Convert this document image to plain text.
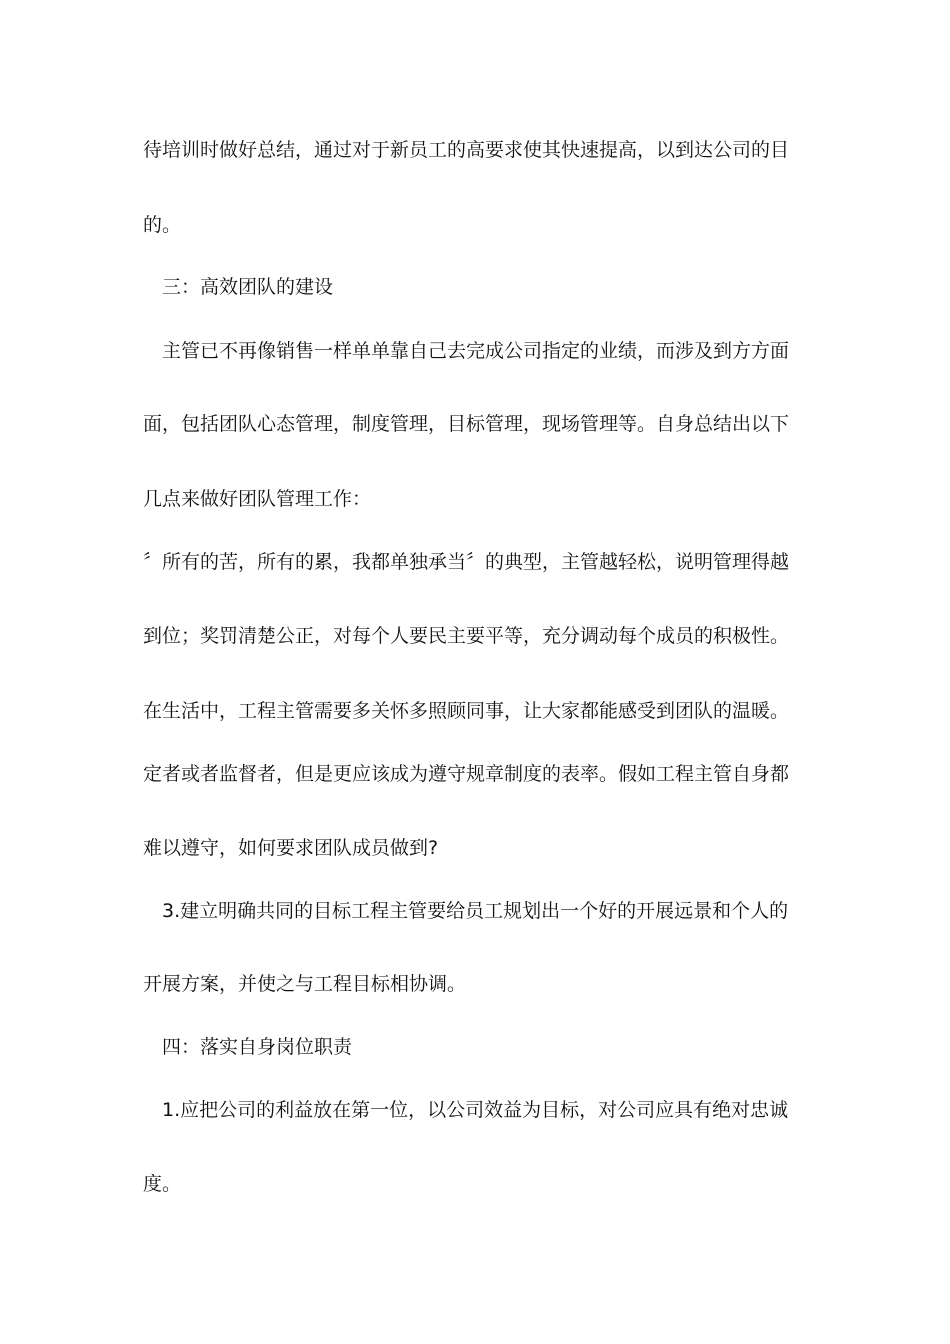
待培训时做好总结，通过对于新员工的高要求使其快速提高，以到达公司的目
的。
三：高效团队的建设
主管已不再像销售一样单单靠自己去完成公司指定的业绩，而涉及到方方面
面，包括团队心态管理，制度管理，目标管理，现场管理等。自身总结出以下
几点来做好团队管理工作：
〞所有的苦，所有的累，我都单独承当〞的典型，主管越轻松，说明管理得越
到位；奖罚清楚公正，对每个人要民主要平等，充分调动每个成员的积极性。
在生活中，工程主管需要多关怀多照顾同事，让大家都能感受到团队的温暖。
定者或者监督者，但是更应该成为遵守规章制度的表率。假如工程主管自身都
难以遵守，如何要求团队成员做到?
3.建立明确共同的目标工程主管要给员工规划出一个好的开展远景和个人的
开展方案，并使之与工程目标相协调。
四：落实自身岗位职责
1.应把公司的利益放在第一位，以公司效益为目标，对公司应具有绝对忠诚
度。
